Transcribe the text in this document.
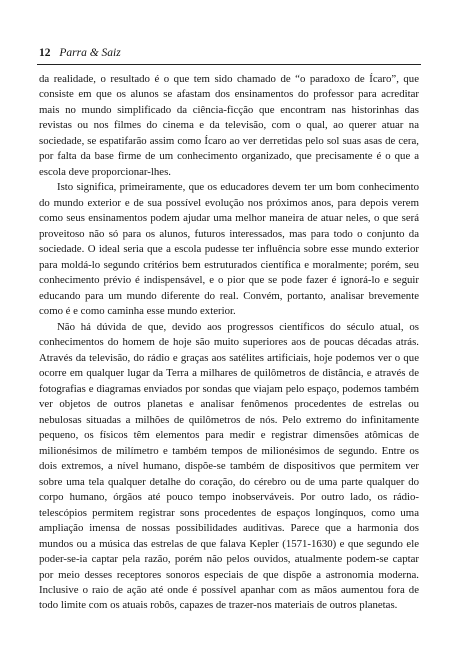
12 Parra & Saiz

da realidade, o resultado é o que tem sido chamado de “o paradoxo de Ícaro”, que consiste em que os alunos se afastam dos ensinamentos do professor para acreditar mais no mundo simplificado da ciência-ficção que encontram nas historinhas das revistas ou nos filmes do cinema e da televisão, com o qual, ao querer atuar na sociedade, se espatifarão assim como Ícaro ao ver derretidas pelo sol suas asas de cera, por falta da base firme de um conhecimento organizado, que precisamente é o que a escola deve proporcionar-lhes.

Isto significa, primeiramente, que os educadores devem ter um bom conhecimento do mundo exterior e de sua possível evolução nos próximos anos, para depois verem como seus ensinamentos podem ajudar uma melhor maneira de atuar neles, o que será proveitoso não só para os alunos, futuros interessados, mas para todo o conjunto da sociedade. O ideal seria que a escola pudesse ter influência sobre esse mundo exterior para moldá-lo segundo critérios bem estruturados científica e moralmente; porém, seu conhecimento prévio é indispensável, e o pior que se pode fazer é ignorá-lo e seguir educando para um mundo diferente do real. Convém, portanto, analisar brevemente como é e como caminha esse mundo exterior.

Não há dúvida de que, devido aos progressos científicos do século atual, os conhecimentos do homem de hoje são muito superiores aos de poucas décadas atrás. Através da televisão, do rádio e graças aos satélites artificiais, hoje podemos ver o que ocorre em qualquer lugar da Terra a milhares de quilômetros de distância, e através de fotografias e diagramas enviados por sondas que viajam pelo espaço, podemos também ver objetos de outros planetas e analisar fenômenos procedentes de estrelas ou nebulosas situadas a milhões de quilômetros de nós. Pelo extremo do infinitamente pequeno, os físicos têm elementos para medir e registrar dimensões atômicas de milionésimos de milímetro e também tempos de milionésimos de segundo. Entre os dois extremos, a nível humano, dispõe-se também de dispositivos que permitem ver sobre uma tela qualquer detalhe do coração, do cérebro ou de uma parte qualquer do corpo humano, órgãos até pouco tempo inobserváveis. Por outro lado, os rádio-telescópios permitem registrar sons procedentes de espaços longínquos, como uma ampliação imensa de nossas possibilidades auditivas. Parece que a harmonia dos mundos ou a música das estrelas de que falava Kepler (1571-1630) e que segundo ele poder-se-ia captar pela razão, porém não pelos ouvidos, atualmente podem-se captar por meio desses receptores sonoros especiais de que dispõe a astronomia moderna. Inclusive o raio de ação até onde é possível apanhar com as mãos aumentou fora de todo limite com os atuais robôs, capazes de trazer-nos materiais de outros planetas.
